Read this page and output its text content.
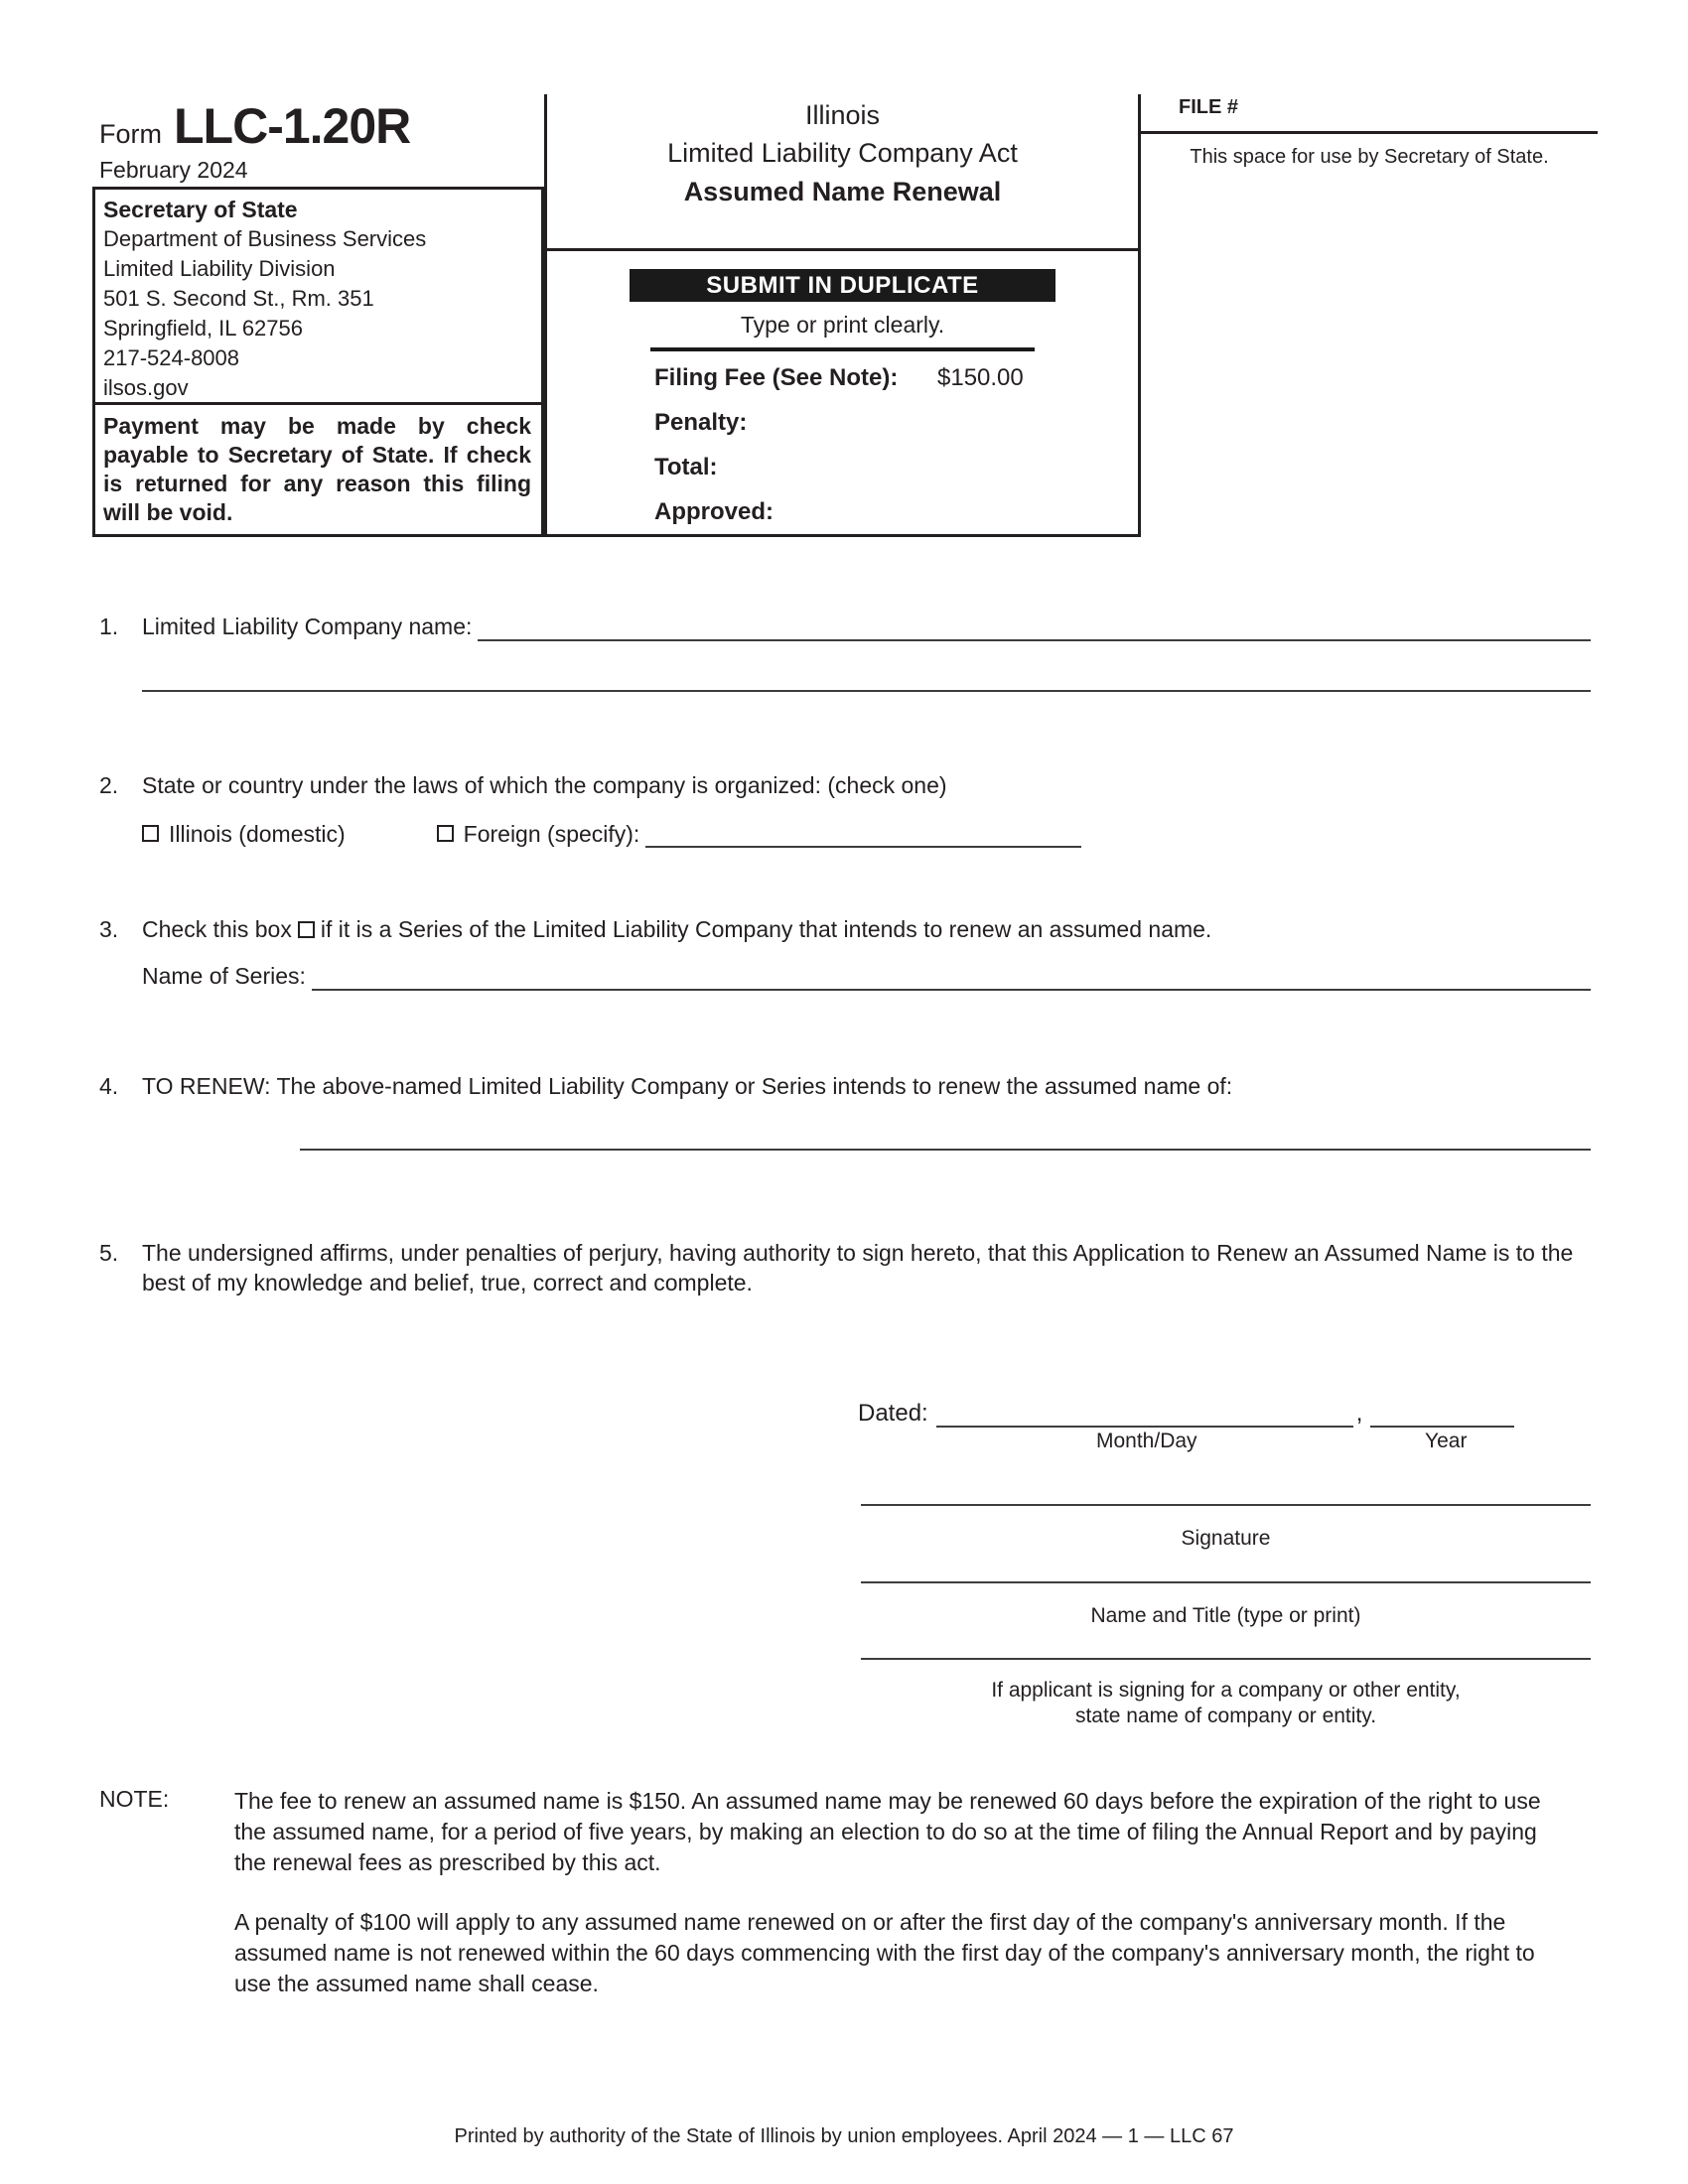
Form LLC-1.20R
February 2024
Secretary of State
Department of Business Services
Limited Liability Division
501 S. Second St., Rm. 351
Springfield, IL 62756
217-524-8008
ilsos.gov
Payment may be made by check payable to Secretary of State. If check is returned for any reason this filing will be void.
Illinois
Limited Liability Company Act
Assumed Name Renewal
SUBMIT IN DUPLICATE
Type or print clearly.
Filing Fee (See Note): $150.00
Penalty:
Total:
Approved:
FILE #
This space for use by Secretary of State.
1.	Limited Liability Company name:
2.	State or country under the laws of which the company is organized: (check one)
Illinois (domestic)	Foreign (specify):
3.	Check this box if it is a Series of the Limited Liability Company that intends to renew an assumed name.
Name of Series:
4.	TO RENEW: The above-named Limited Liability Company or Series intends to renew the assumed name of:
5.	The undersigned affirms, under penalties of perjury, having authority to sign hereto, that this Application to Renew an Assumed Name is to the best of my knowledge and belief, true, correct and complete.
Dated:	,
Month/Day	Year
Signature
Name and Title (type or print)
If applicant is signing for a company or other entity,
state name of company or entity.
NOTE:	The fee to renew an assumed name is $150. An assumed name may be renewed 60 days before the expiration of the right to use the assumed name, for a period of five years, by making an election to do so at the time of filing the Annual Report and by paying the renewal fees as prescribed by this act.
A penalty of $100 will apply to any assumed name renewed on or after the first day of the company's anniversary month. If the assumed name is not renewed within the 60 days commencing with the first day of the company's anniversary month, the right to use the assumed name shall cease.
Printed by authority of the State of Illinois by union employees. April 2024 — 1 — LLC 67
